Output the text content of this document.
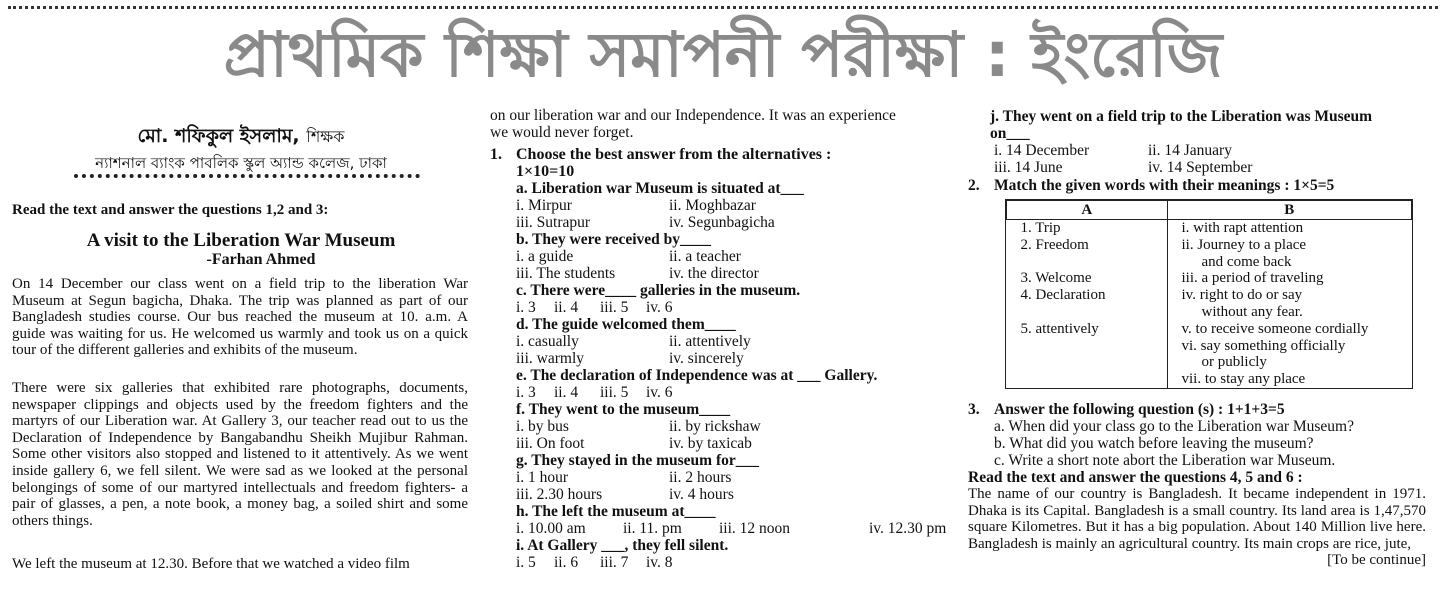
প্রাথমিক শিক্ষা সমাপনী পরীক্ষা : ইংরেজি
মো. শফিকুল ইসলাম, শিক্ষক
ন্যাশনাল ব্যাংক পাবলিক স্কুল অ্যান্ড কলেজ, ঢাকা
Read the text and answer the questions 1,2 and 3:
A visit to the Liberation War Museum
-Farhan Ahmed
On 14 December our class went on a field trip to the liberation War Museum at Segun bagicha, Dhaka. The trip was planned as part of our Bangladesh studies course. Our bus reached the museum at 10. a.m. A guide was waiting for us. He welcomed us warmly and took us on a quick tour of the different galleries and exhibits of the museum.
There were six galleries that exhibited rare photographs, documents, newspaper clippings and objects used by the freedom fighters and the martyrs of our Liberation war. At Gallery 3, our teacher read out to us the Declaration of Independence by Bangabandhu Sheikh Mujibur Rahman. Some other visitors also stopped and listened to it attentively. As we went inside gallery 6, we fell silent. We were sad as we looked at the personal belongings of some of our martyred intellectuals and freedom fighters- a pair of glasses, a pen, a note book, a money bag, a soiled shirt and some others things.
We left the museum at 12.30. Before that we watched a video film
on our liberation war and our Independence. It was an experience
we would never forget.
1. Choose the best answer from the alternatives :
1×10=10
a. Liberation war Museum is situated at___
i. Mirpur	ii. Moghbazar
iii. Sutrapur	iv. Segunbagicha
b. They were received by____
i. a guide	ii. a teacher
iii. The students	iv. the director
c. There were____ galleries in the museum.
i. 3 ii. 4 iii. 5 iv. 6
d. The guide welcomed them____
i. casually	ii. attentively
iii. warmly	iv. sincerely
e. The declaration of Independence was at ___ Gallery.
i. 3 ii. 4 iii. 5 iv. 6
f. They went to the museum____
i. by bus	ii. by rickshaw
iii. On foot	iv. by taxicab
g. They stayed in the museum for___
i. 1 hour	ii. 2 hours
iii. 2.30 hours	iv. 4 hours
h. The left the museum at____
i. 10.00 am ii. 11. pm iii. 12 noon	iv. 12.30 pm
i. At Gallery ___, they fell silent.
i. 5 ii. 6 iii. 7 iv. 8
j. They went on a field trip to the Liberation was Museum
on___
i. 14 December	ii. 14 January
iii. 14 June	iv. 14 September
2. Match the given words with their meanings : 1×5=5
A	B
1. Trip	i. with rapt attention
2. Freedom	ii. Journey to a place
	and come back
3. Welcome	iii. a period of traveling
4. Declaration	iv. right to do or say
	without any fear.
5. attentively	v. to receive someone cordially
	vi. say something officially
	or publicly
	vii. to stay any place
3. Answer the following question (s) : 1+1+3=5
a. When did your class go to the Liberation war Museum?
b. What did you watch before leaving the museum?
c. Write a short note abort the Liberation war Museum.
Read the text and answer the questions 4, 5 and 6 :
The name of our country is Bangladesh. It became independent in 1971. Dhaka is its Capital. Bangladesh is a small country. Its land area is 1,47,570 square Kilometres. But it has a big population. About 140 Million live here. Bangladesh is mainly an agricultural country. Its main crops are rice, jute,
[To be continue]
